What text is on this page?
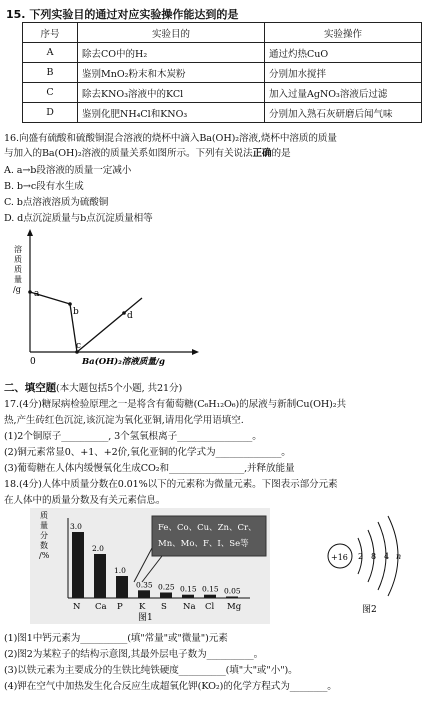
15. 下列实验目的通过对应实验操作能达到的是
序号	实验目的	实验操作
A	除去CO中的H₂	通过灼热CuO
B	鉴别MnO₂粉末和木炭粉	分别加水搅拌
C	除去KNO₃溶液中的KCl	加入过量AgNO₃溶液后过滤
D	鉴别化肥NH₄Cl和KNO₃	分别加入熟石灰研磨后闻气味
16.向盛有硫酸和硫酸铜混合溶液的烧杯中滴入Ba(OH)₂溶液,烧杯中溶质的质量
与加入的Ba(OH)₂溶液的质量关系如图所示。下列有关说法正确的是
A. a→b段溶液的质量一定减小
B. b→c段有水生成
C. b点溶液溶质为硫酸铜
D. d点沉淀质量与b点沉淀质量相等
溶
质
质
量
/g a
b
c
d
0	Ba(OH)₂溶液质量/g
二、填空题(本大题包括5个小题, 共21分)
17.(4分)糖尿病检验原理之一是将含有葡萄糖(C₆H₁₂O₆)的尿液与新制Cu(OH)₂共
热,产生砖红色沉淀,该沉淀为氧化亚铜,请用化学用语填空.
(1)2个铜原子__________, 3个氢氧根离子________________。
(2)铜元素常显0、+1、+2价,氧化亚铜的化学式为______________。
(3)葡萄糖在人体内缓慢氧化生成CO₂和________________,并释放能量
18.(4分)人体中质量分数在0.01%以下的元素称为微量元素。下图表示部分元素
在人体中的质量分数及有关元素信息。
质
量
分
数
/%
3.0
N
2.0
Ca
1.0
P
0.35
K
0.25
S
0.15
Na
0.15
Cl
0.05
Mg
Fe、Co、Cu、Zn、Cr、
Mn、Mo、F、I、Se等
图1
+16 2 8 4 n
图2
(1)图1中钙元素为__________(填"常量"或"微量")元素
(2)图2为某粒子的结构示意图,其最外层电子数为__________。
(3)以铁元素为主要成分的生铁比纯铁硬度__________(填"大"或"小")。
(4)钾在空气中加热发生化合反应生成超氧化钾(KO₂)的化学方程式为________。
